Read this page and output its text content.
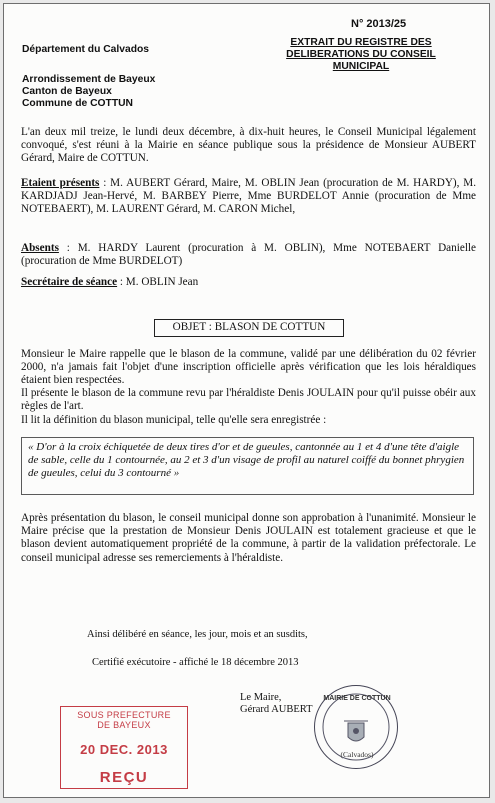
N° 2013/25
Département du Calvados
EXTRAIT DU REGISTRE DES
DELIBERATIONS DU CONSEIL MUNICIPAL
Arrondissement de Bayeux
Canton de Bayeux
Commune de COTTUN
L'an deux mil treize, le lundi deux décembre, à dix-huit heures, le Conseil Municipal légalement convoqué, s'est réuni à la Mairie en séance publique sous la présidence de Monsieur AUBERT Gérard, Maire de COTTUN.
Etaient présents : M. AUBERT Gérard, Maire, M. OBLIN Jean (procuration de M. HARDY), M. KARDJADJ Jean-Hervé, M. BARBEY Pierre, Mme BURDELOT Annie (procuration de Mme NOTEBAERT), M. LAURENT Gérard, M. CARON Michel,
Absents : M. HARDY Laurent (procuration à M. OBLIN), Mme NOTEBAERT Danielle (procuration de Mme BURDELOT)
Secrétaire de séance : M. OBLIN Jean
OBJET : BLASON DE COTTUN
Monsieur le Maire rappelle que le blason de la commune, validé par une délibération du 02 février 2000, n'a jamais fait l'objet d'une inscription officielle après vérification que les lois héraldiques étaient bien respectées.
Il présente le blason de la commune revu par l'héraldiste Denis JOULAIN pour qu'il puisse obéir aux règles de l'art.
Il lit la définition du blason municipal, telle qu'elle sera enregistrée :
« D'or à la croix échiquetée de deux tires d'or et de gueules, cantonnée au 1 et 4 d'une tête d'aigle de sable, celle du 1 contournée, au 2 et 3 d'un visage de profil au naturel coiffé du bonnet phrygien de gueules, celui du 3 contourné »
Après présentation du blason, le conseil municipal donne son approbation à l'unanimité. Monsieur le Maire précise que la prestation de Monsieur Denis JOULAIN est totalement gracieuse et que le blason devient automatiquement propriété de la commune, à partir de la validation préfectorale. Le conseil municipal adresse ses remerciements à l'héraldiste.
Ainsi délibéré en séance, les jour, mois et an susdits,
Certifié exécutoire - affiché le 18 décembre 2013
Le Maire,
Gérard AUBERT
SOUS PREFECTURE
DE BAYEUX
20 DEC. 2013
REÇU
MAIRIE DE COTTUN
(Calvados)
